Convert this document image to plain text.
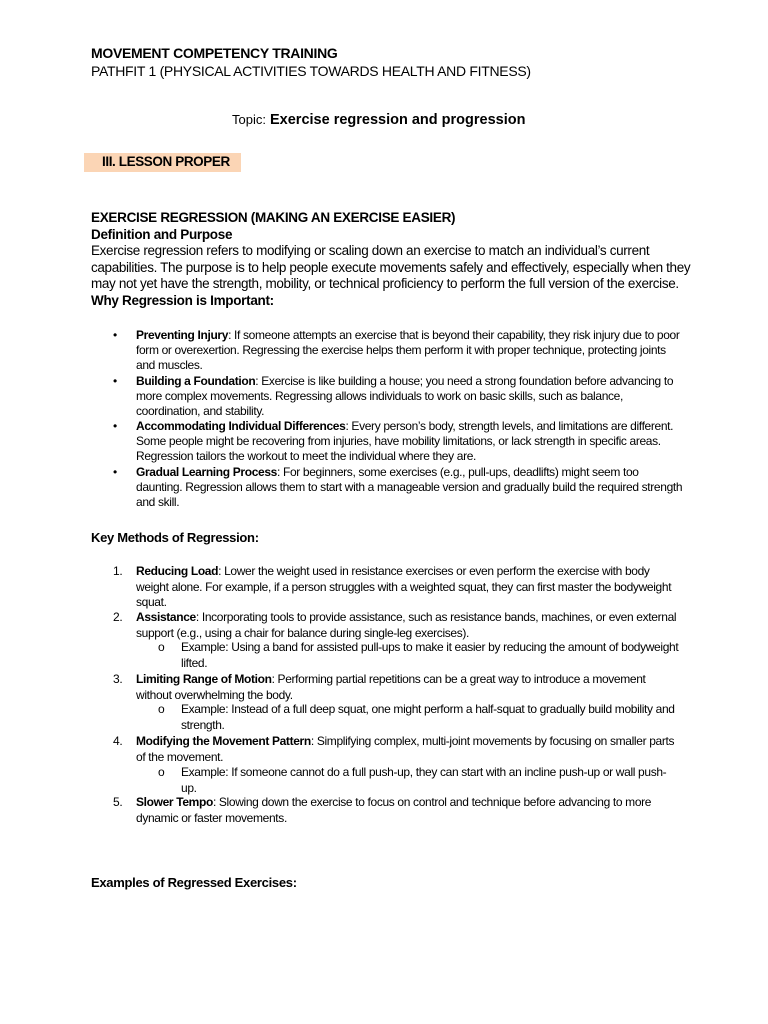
MOVEMENT COMPETENCY TRAINING
PATHFIT 1 (PHYSICAL ACTIVITIES TOWARDS HEALTH AND FITNESS)
Topic: Exercise regression and progression
III. LESSON PROPER
EXERCISE REGRESSION (MAKING AN EXERCISE EASIER)
Definition and Purpose
Exercise regression refers to modifying or scaling down an exercise to match an individual’s current capabilities. The purpose is to help people execute movements safely and effectively, especially when they may not yet have the strength, mobility, or technical proficiency to perform the full version of the exercise.
Why Regression is Important:
• Preventing Injury: If someone attempts an exercise that is beyond their capability, they risk injury due to poor form or overexertion. Regressing the exercise helps them perform it with proper technique, protecting joints and muscles.
• Building a Foundation: Exercise is like building a house; you need a strong foundation before advancing to more complex movements. Regressing allows individuals to work on basic skills, such as balance, coordination, and stability.
• Accommodating Individual Differences: Every person’s body, strength levels, and limitations are different. Some people might be recovering from injuries, have mobility limitations, or lack strength in specific areas. Regression tailors the workout to meet the individual where they are.
• Gradual Learning Process: For beginners, some exercises (e.g., pull-ups, deadlifts) might seem too daunting. Regression allows them to start with a manageable version and gradually build the required strength and skill.
Key Methods of Regression:
1. Reducing Load: Lower the weight used in resistance exercises or even perform the exercise with body weight alone. For example, if a person struggles with a weighted squat, they can first master the bodyweight squat.
2. Assistance: Incorporating tools to provide assistance, such as resistance bands, machines, or even external support (e.g., using a chair for balance during single-leg exercises).
o Example: Using a band for assisted pull-ups to make it easier by reducing the amount of bodyweight lifted.
3. Limiting Range of Motion: Performing partial repetitions can be a great way to introduce a movement without overwhelming the body.
o Example: Instead of a full deep squat, one might perform a half-squat to gradually build mobility and strength.
4. Modifying the Movement Pattern: Simplifying complex, multi-joint movements by focusing on smaller parts of the movement.
o Example: If someone cannot do a full push-up, they can start with an incline push-up or wall push-up.
5. Slower Tempo: Slowing down the exercise to focus on control and technique before advancing to more dynamic or faster movements.
Examples of Regressed Exercises:
